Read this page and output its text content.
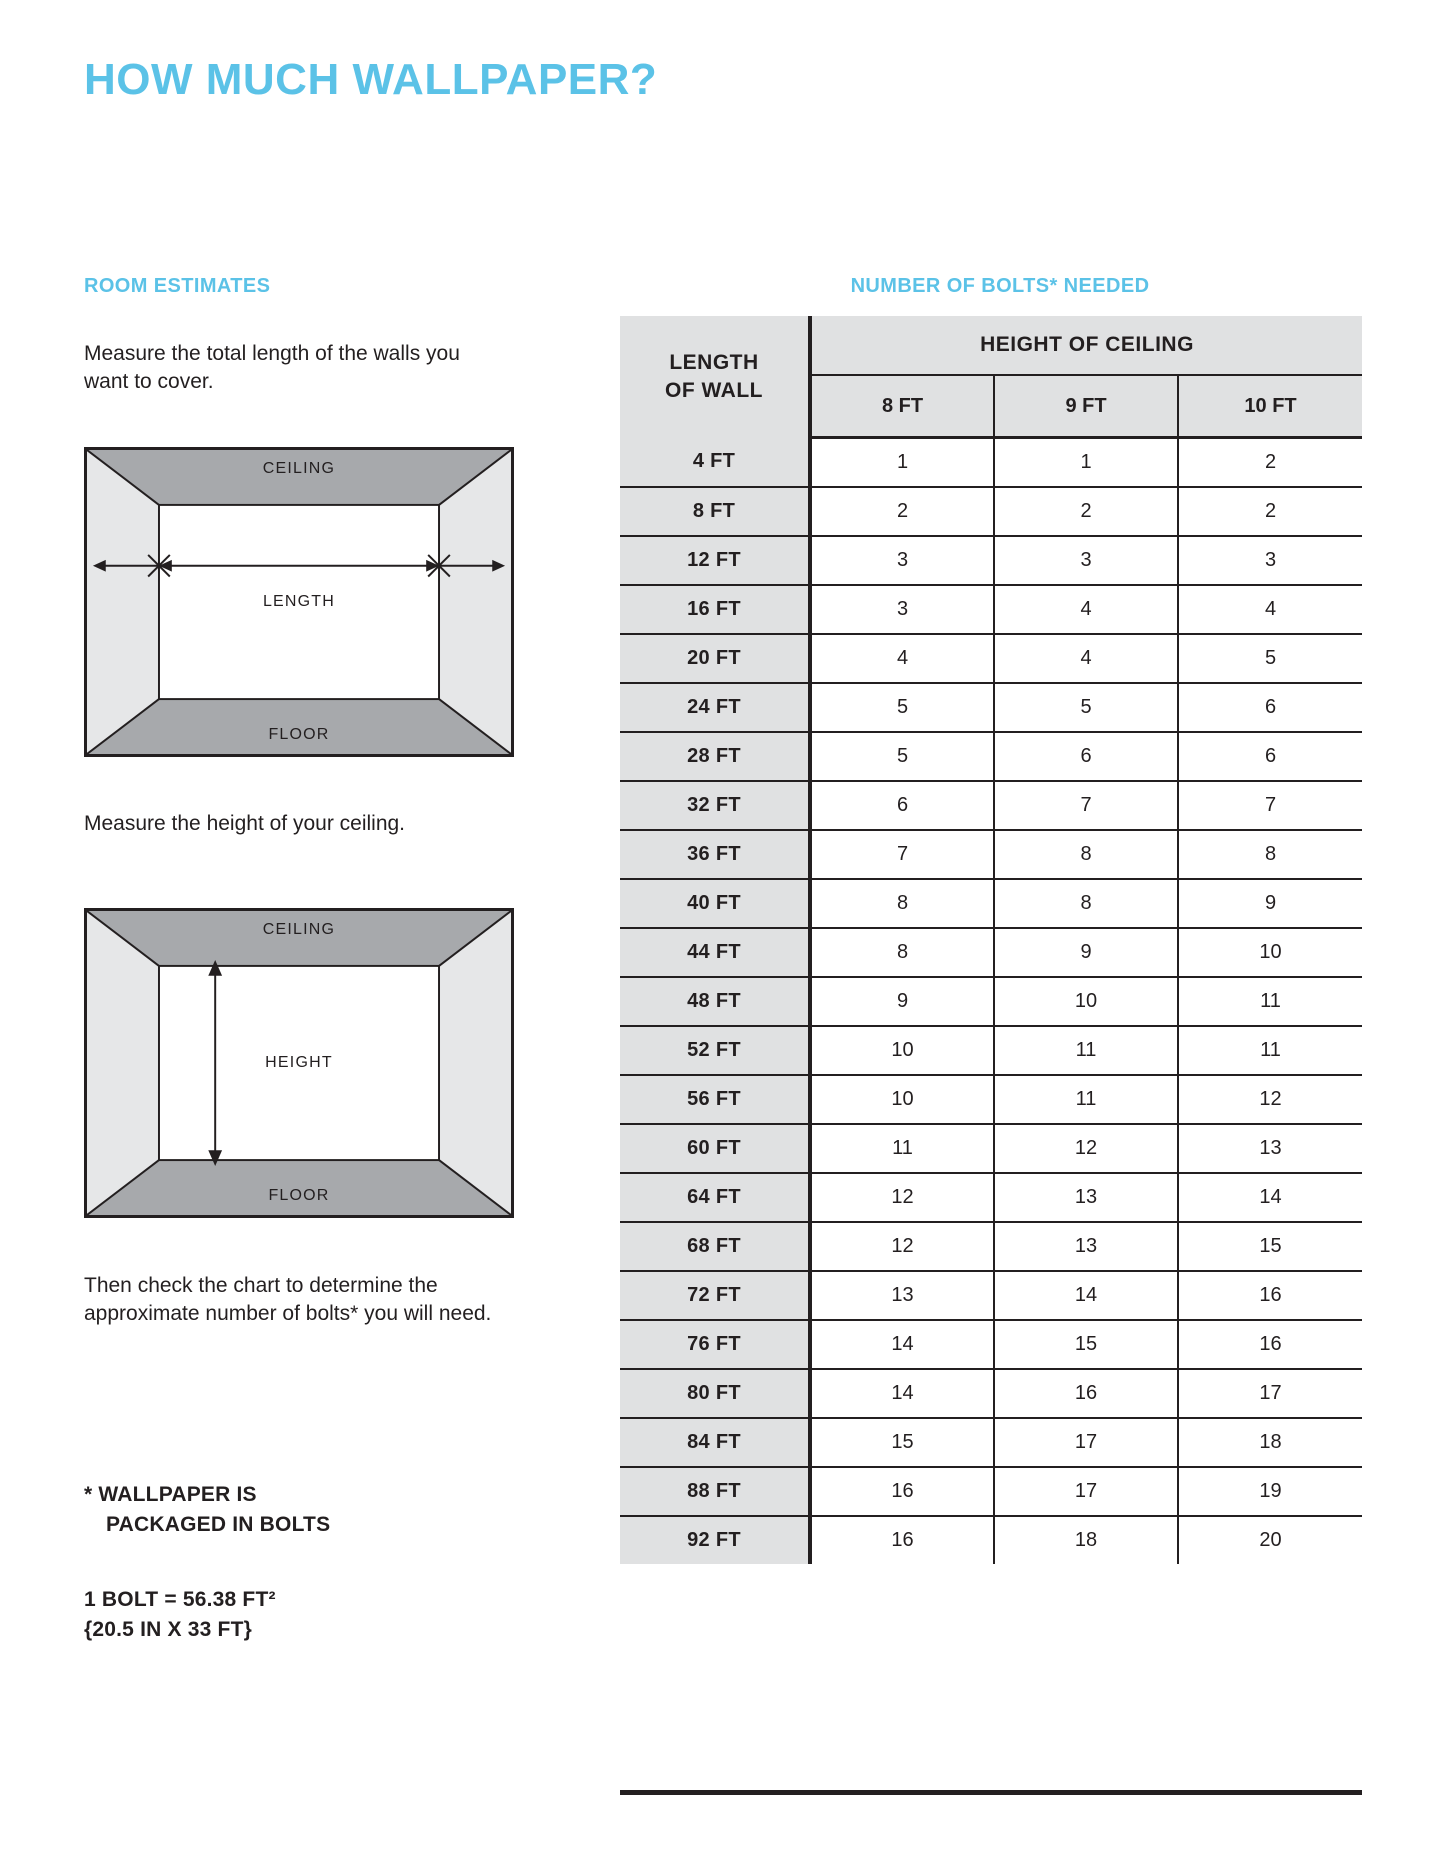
HOW MUCH WALLPAPER?
ROOM ESTIMATES	NUMBER OF BOLTS* NEEDED
Measure the total length of the walls you want to cover.
CEILING
FLOOR
LENGTH
Measure the height of your ceiling.
CEILING
FLOOR
HEIGHT
Then check the chart to determine the approximate number of bolts* you will need.
* WALLPAPER IS
PACKAGED IN BOLTS
1 BOLT = 56.38 FT²
{20.5 IN X 33 FT}
LENGTH
OF WALL	HEIGHT OF CEILING		
	8 FT	9 FT	10 FT
4 FT	1	1	2
8 FT	2	2	2
12 FT	3	3	3
16 FT	3	4	4
20 FT	4	4	5
24 FT	5	5	6
28 FT	5	6	6
32 FT	6	7	7
36 FT	7	8	8
40 FT	8	8	9
44 FT	8	9	10
48 FT	9	10	11
52 FT	10	11	11
56 FT	10	11	12
60 FT	11	12	13
64 FT	12	13	14
68 FT	12	13	15
72 FT	13	14	16
76 FT	14	15	16
80 FT	14	16	17
84 FT	15	17	18
88 FT	16	17	19
92 FT	16	18	20
